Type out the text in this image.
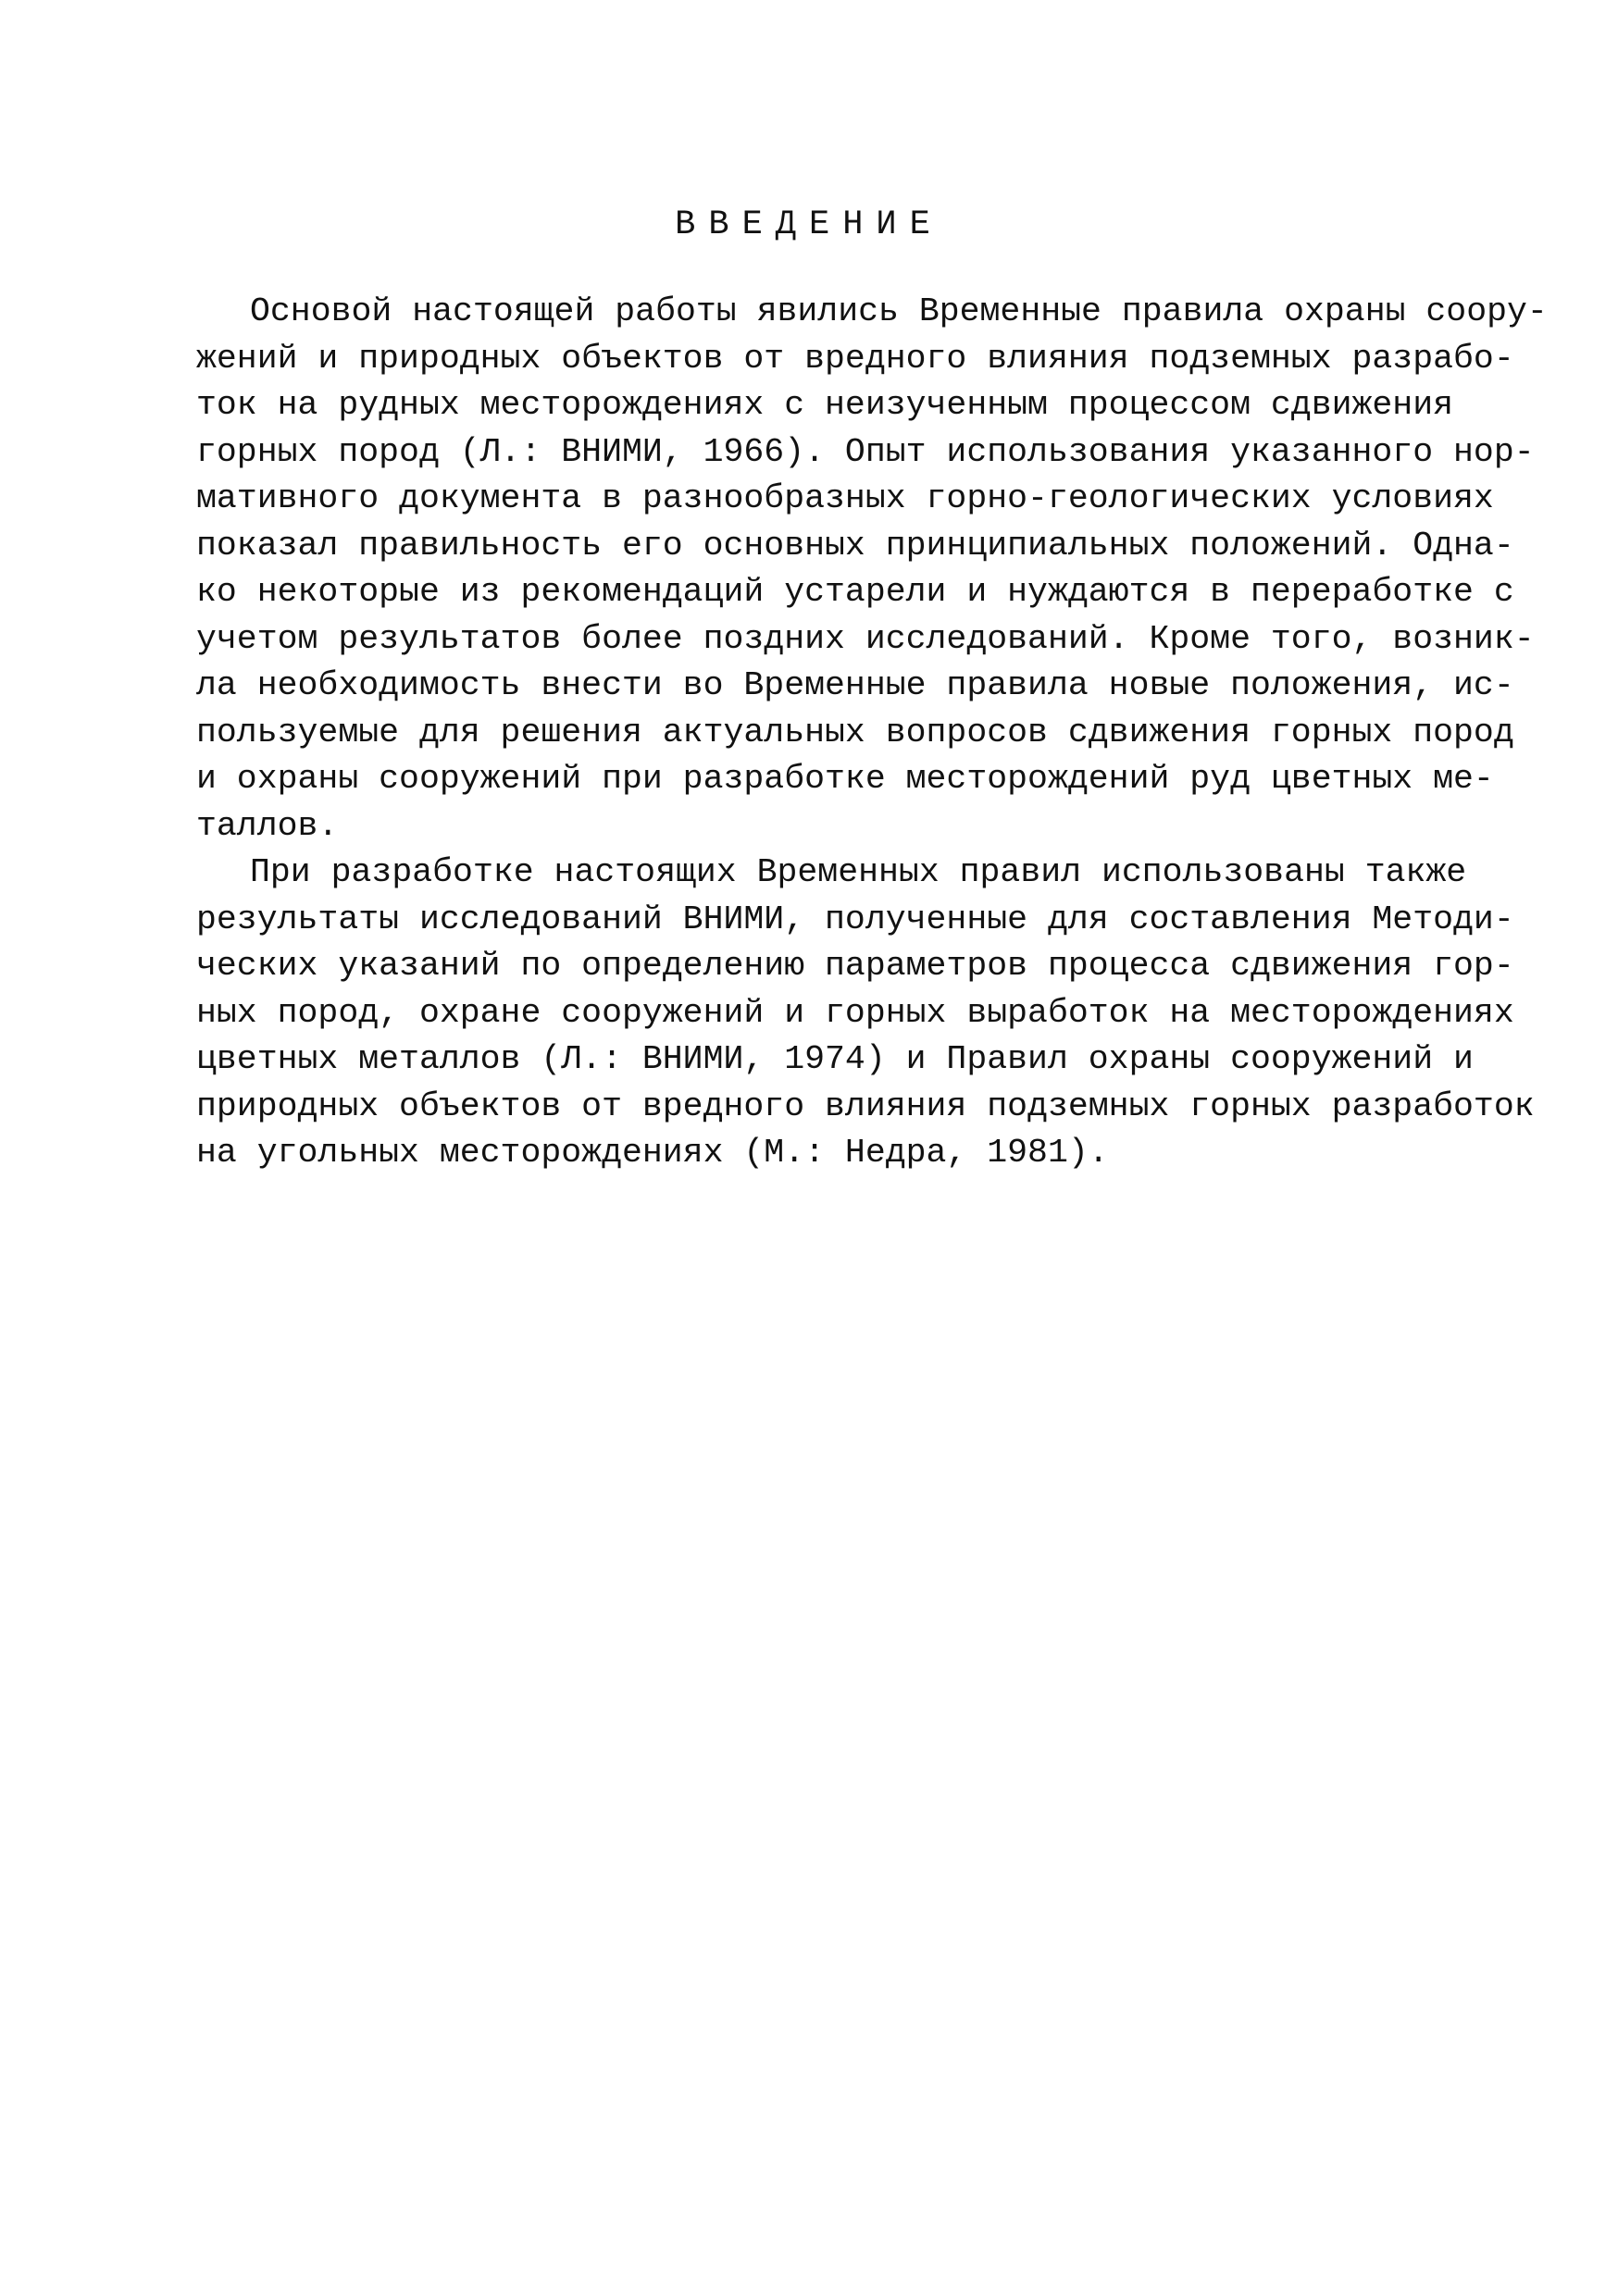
ВВЕДЕНИЕ
Основой настоящей работы явились Временные правила охраны соору-
жений и природных объектов от вредного влияния подземных разрабо-
ток на рудных месторождениях с неизученным процессом сдвижения
горных пород (Л.: ВНИМИ, 1966). Опыт использования указанного нор-
мативного документа в разнообразных горно-геологических условиях
показал правильность его основных принципиальных положений. Одна-
ко некоторые из рекомендаций устарели и нуждаются в переработке с
учетом результатов более поздних исследований. Кроме того, возник-
ла необходимость внести во Временные правила новые положения, ис-
пользуемые для решения актуальных вопросов сдвижения горных пород
и охраны сооружений при разработке месторождений руд цветных ме-
таллов.
При разработке настоящих Временных правил использованы также
результаты исследований ВНИМИ, полученные для составления Методи-
ческих указаний по определению параметров процесса сдвижения гор-
ных пород, охране сооружений и горных выработок на месторождениях
цветных металлов (Л.: ВНИМИ, 1974) и Правил охраны сооружений и
природных объектов от вредного влияния подземных горных разработок
на угольных месторождениях (М.: Недра, 1981).
